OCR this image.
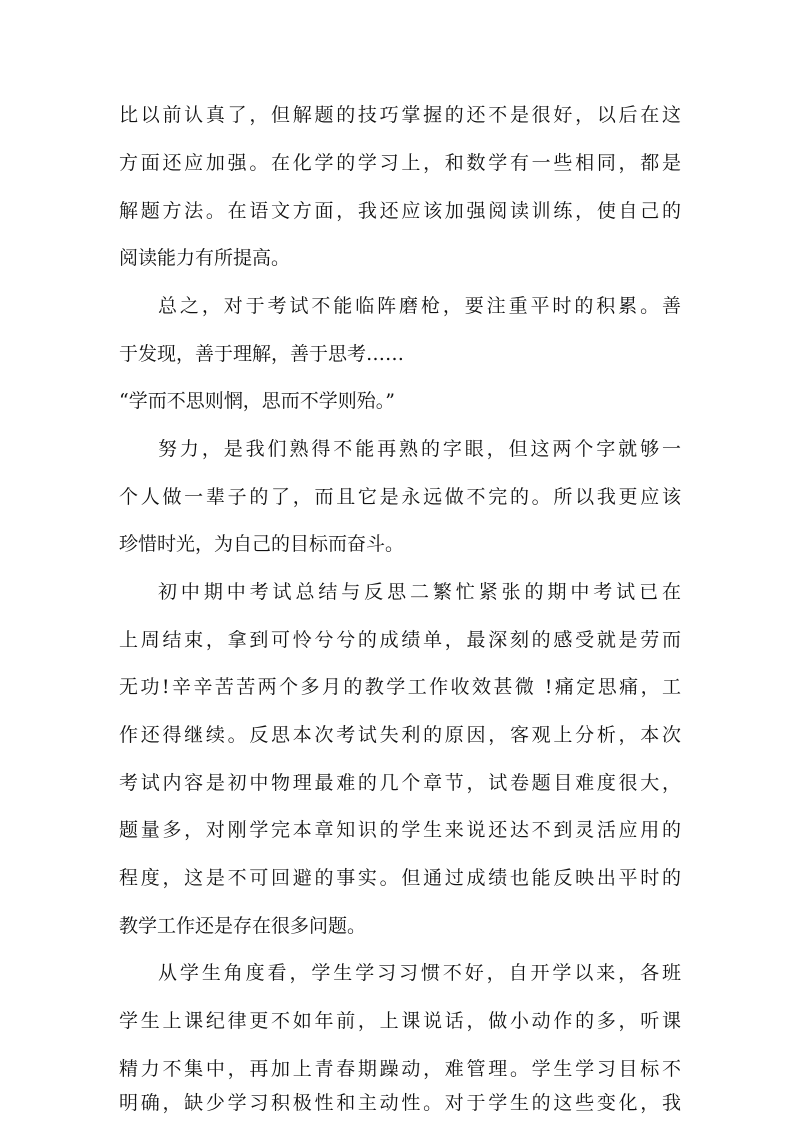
比以前认真了，但解题的技巧掌握的还不是很好，以后在这
方面还应加强。在化学的学习上，和数学有一些相同，都是
解题方法。在语文方面，我还应该加强阅读训练，使自己的
阅读能力有所提高。
总之，对于考试不能临阵磨枪，要注重平时的积累。善
于发现，善于理解，善于思考……
“学而不思则惘，思而不学则殆。”
努力，是我们熟得不能再熟的字眼，但这两个字就够一
个人做一辈子的了，而且它是永远做不完的。所以我更应该
珍惜时光，为自己的目标而奋斗。
初中期中考试总结与反思二繁忙紧张的期中考试已在
上周结束，拿到可怜兮兮的成绩单，最深刻的感受就是劳而
无功!辛辛苦苦两个多月的教学工作收效甚微 !痛定思痛，工
作还得继续。反思本次考试失利的原因，客观上分析，本次
考试内容是初中物理最难的几个章节，试卷题目难度很大，
题量多，对刚学完本章知识的学生来说还达不到灵活应用的
程度，这是不可回避的事实。但通过成绩也能反映出平时的
教学工作还是存在很多问题。
从学生角度看，学生学习习惯不好，自开学以来，各班
学生上课纪律更不如年前，上课说话，做小动作的多，听课
精力不集中，再加上青春期躁动，难管理。学生学习目标不
明确，缺少学习积极性和主动性。对于学生的这些变化，我
